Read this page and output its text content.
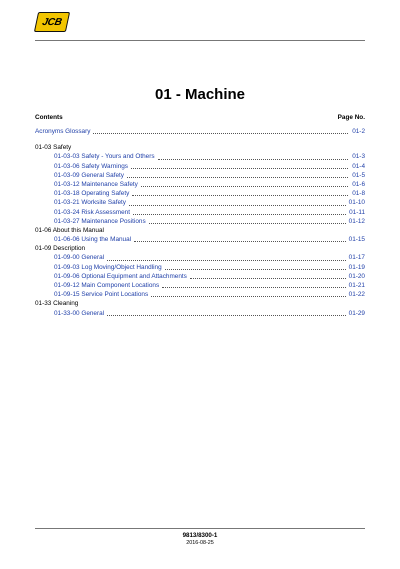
JCB
01 - Machine
Contents	Page No.
Acronyms Glossary	01-2
01-03 Safety
01-03-03 Safety - Yours and Others	01-3
01-03-06 Safety Warnings	01-4
01-03-09 General Safety	01-5
01-03-12 Maintenance Safety	01-6
01-03-18 Operating Safety	01-8
01-03-21 Worksite Safety	01-10
01-03-24 Risk Assessment	01-11
01-03-27 Maintenance Positions	01-12
01-06 About this Manual
01-06-06 Using the Manual	01-15
01-09 Description
01-09-00 General	01-17
01-09-03 Log Moving/Object Handling	01-19
01-09-06 Optional Equipment and Attachments	01-20
01-09-12 Main Component Locations	01-21
01-09-15 Service Point Locations	01-22
01-33 Cleaning
01-33-00 General	01-29
9813/8300-1
2016-08-25
